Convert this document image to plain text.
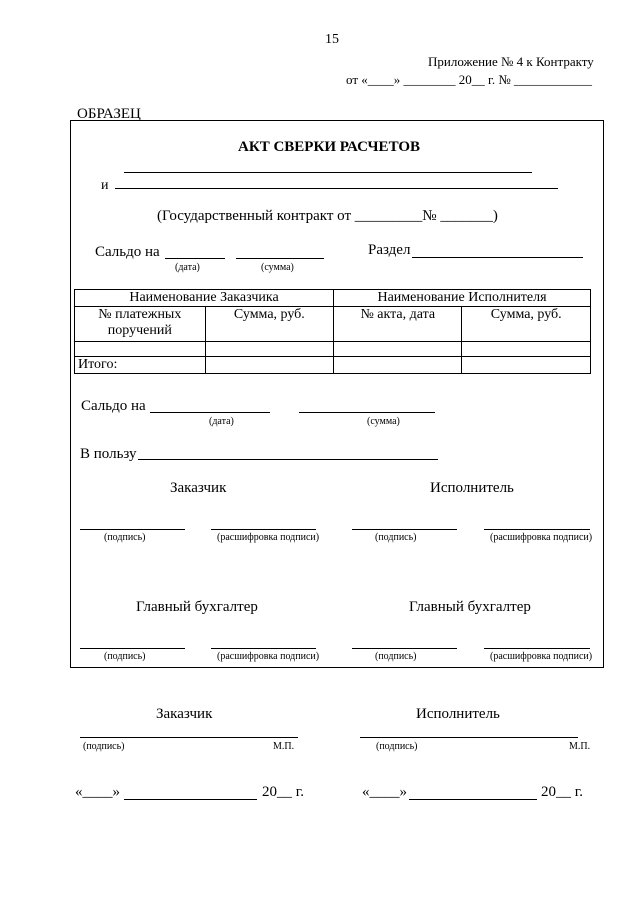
15
Приложение № 4 к Контракту
от «____» ________ 20__ г. № ____________
ОБРАЗЕЦ
АКТ СВЕРКИ РАСЧЕТОВ
и
(Государственный контракт от _________№ _______)
Сальдо на
(дата)	(сумма)
Раздел
Наименование Заказчика		Наименование Исполнителя	
№ платежных поручений	Сумма, руб.	№ акта, дата	Сумма, руб.

Итого:			
Сальдо на
(дата)	(сумма)
В пользу
Заказчик	Исполнитель
(подпись)	(расшифровка подписи)	(подпись)	(расшифровка подписи)
Главный бухгалтер	Главный бухгалтер
(подпись)	(расшифровка подписи)	(подпись)	(расшифровка подписи)
Заказчик	Исполнитель
(подпись)	М.П.	(подпись)	М.П.
«____»	20__ г.	«____»	20__ г.
